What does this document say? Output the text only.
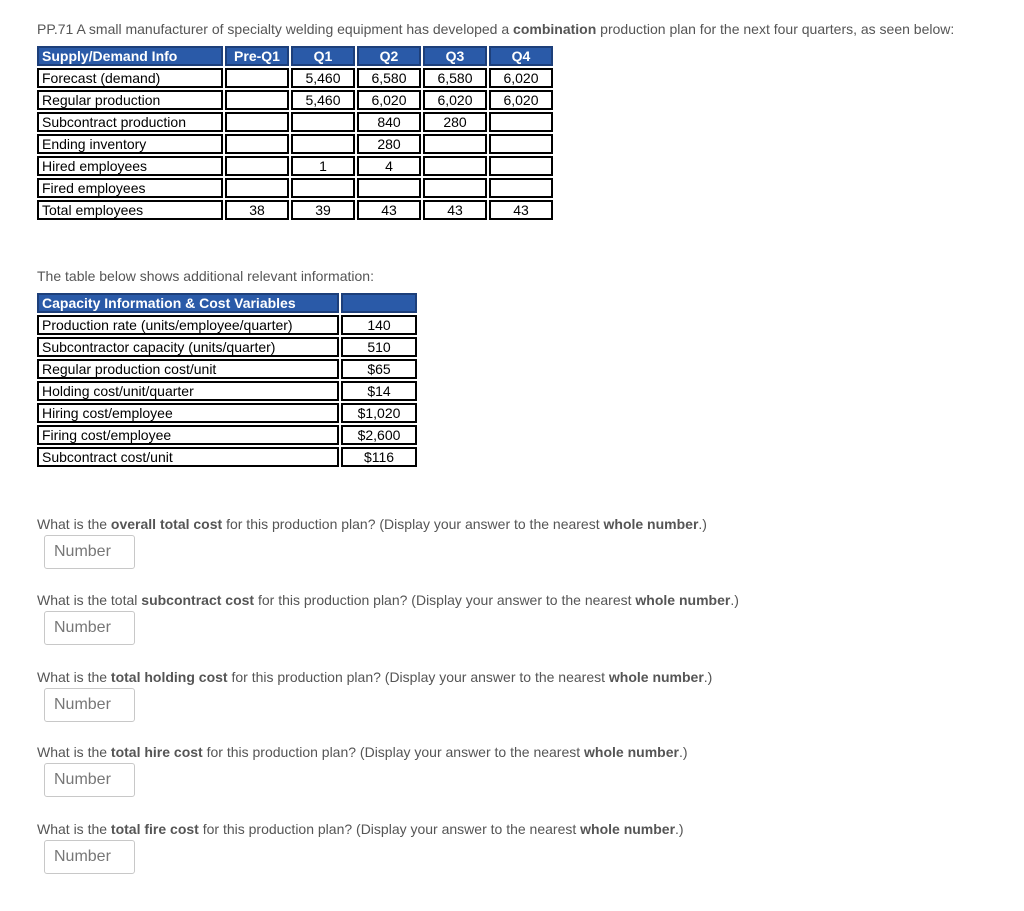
PP.71 A small manufacturer of specialty welding equipment has developed a combination production plan for the next four quarters, as seen below:
Supply/Demand Info	Pre-Q1	Q1	Q2	Q3	Q4
Forecast (demand)		5,460	6,580	6,580	6,020
Regular production		5,460	6,020	6,020	6,020
Subcontract production			840	280	
Ending inventory			280		
Hired employees		1	4		
Fired employees					
Total employees	38	39	43	43	43
The table below shows additional relevant information:
Capacity Information & Cost Variables	
Production rate (units/employee/quarter)	140
Subcontractor capacity (units/quarter)	510
Regular production cost/unit	$65
Holding cost/unit/quarter	$14
Hiring cost/employee	$1,020
Firing cost/employee	$2,600
Subcontract cost/unit	$116
What is the overall total cost for this production plan? (Display your answer to the nearest whole number.)
Number
What is the total subcontract cost for this production plan? (Display your answer to the nearest whole number.)
Number
What is the total holding cost for this production plan? (Display your answer to the nearest whole number.)
Number
What is the total hire cost for this production plan? (Display your answer to the nearest whole number.)
Number
What is the total fire cost for this production plan? (Display your answer to the nearest whole number.)
Number
